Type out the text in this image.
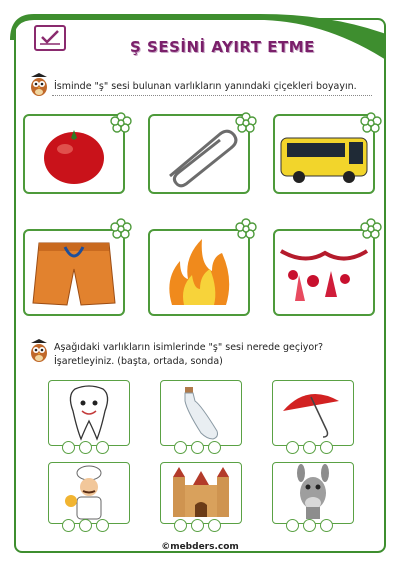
Ş SESİNİ AYIRT ETME
İsminde "ş" sesi bulunan varlıkların yanındaki çiçekleri boyayın.
Aşağıdaki varlıkların isimlerinde "ş" sesi nerede geçiyor?
İşaretleyiniz. (başta, ortada, sonda)
©mebders.com
